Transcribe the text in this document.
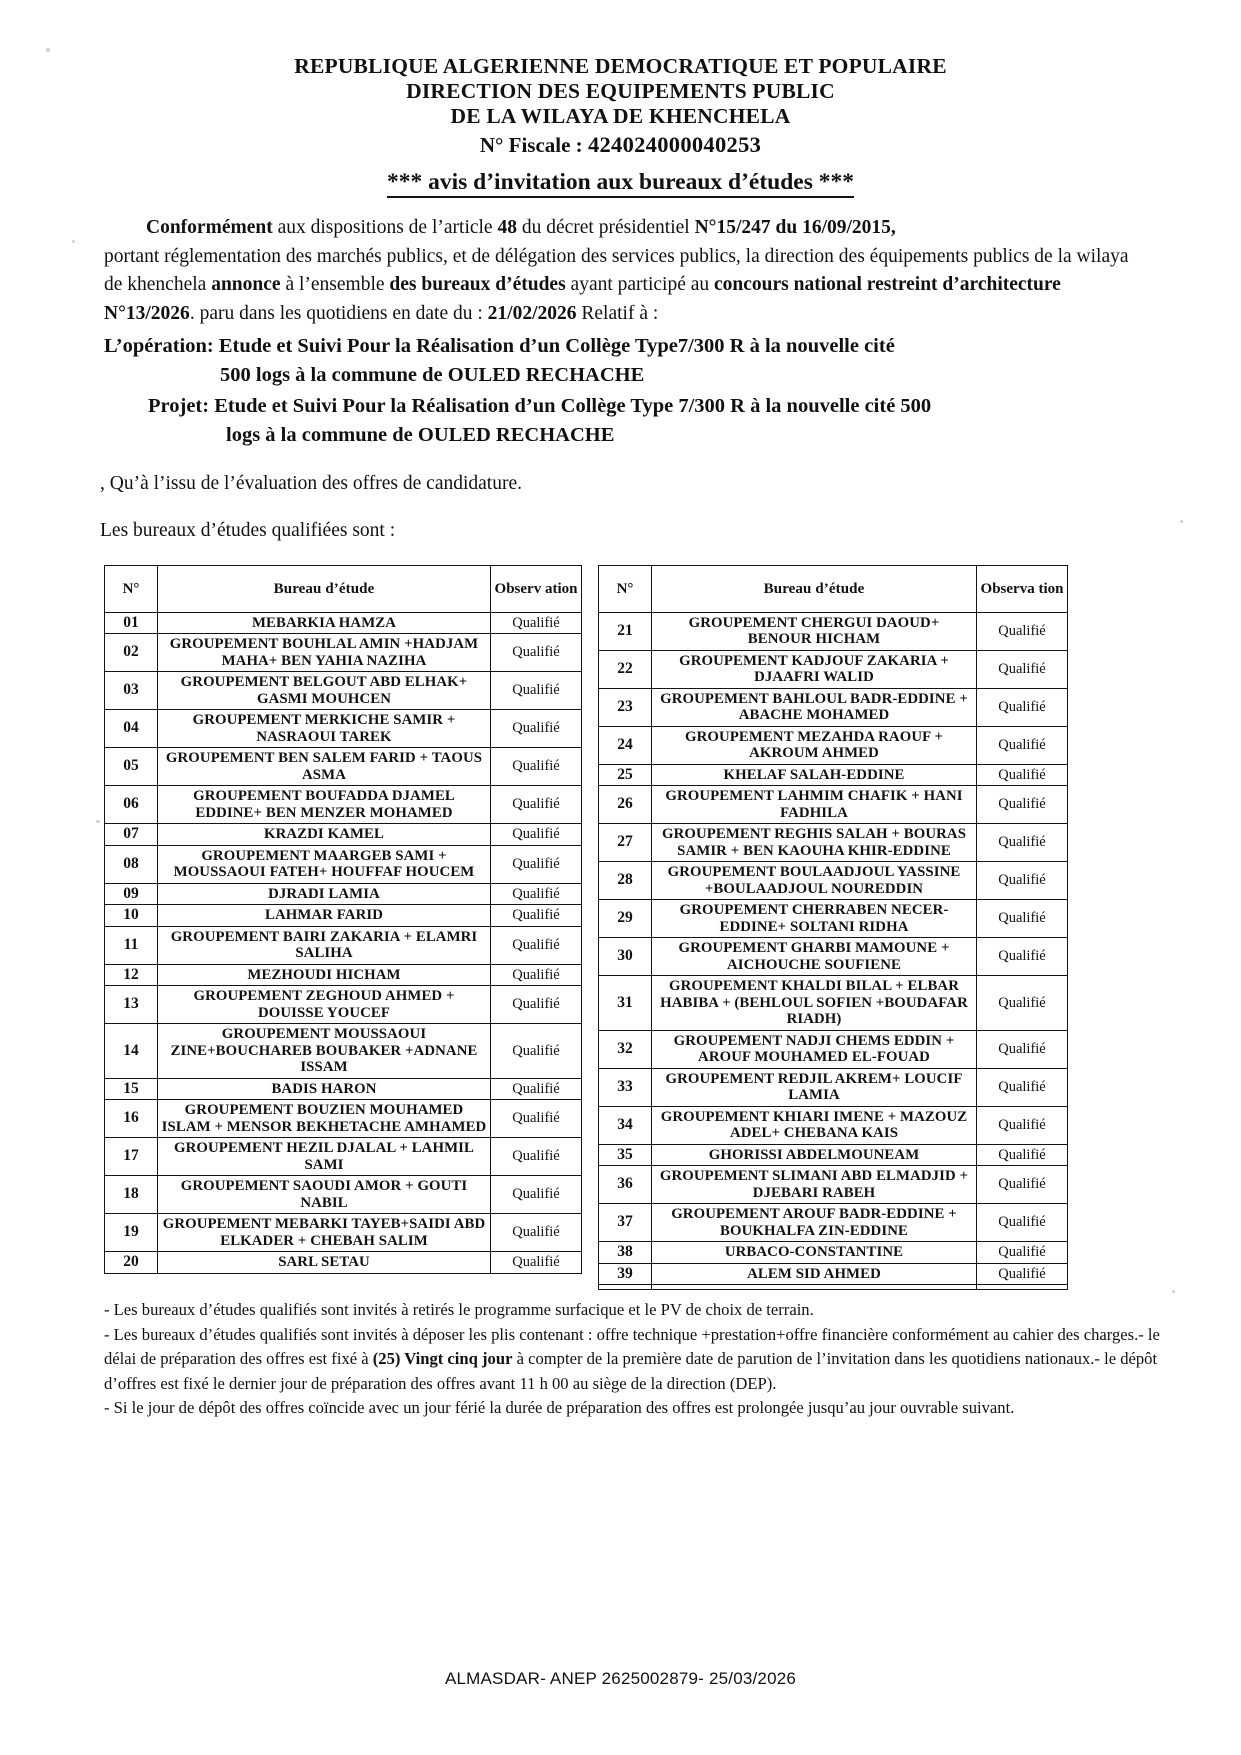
REPUBLIQUE ALGERIENNE DEMOCRATIQUE ET POPULAIRE
DIRECTION DES EQUIPEMENTS PUBLIC
DE LA WILAYA DE KHENCHELA
N° Fiscale : 424024000040253
*** avis d’invitation aux bureaux d’études ***

Conformément aux dispositions de l’article 48 du décret présidentiel N°15/247 du 16/09/2015,

portant réglementation des marchés publics, et de délégation des services publics, la direction des équipements publics de la wilaya de khenchela annonce à l’ensemble des bureaux d’études ayant participé au concours national restreint d’architecture N°13/2026. paru dans les quotidiens en date du : 21/02/2026 Relatif à :

L’opération: Etude et Suivi Pour la Réalisation d’un Collège Type7/300 R à la nouvelle cité
500 logs à la commune de OULED RECHACHE
Projet: Etude et Suivi Pour la Réalisation d’un Collège Type 7/300 R à la nouvelle cité 500
logs à la commune de OULED RECHACHE

, Qu’à l’issu de l’évaluation des offres de candidature.

Les bureaux d’études qualifiées sont :

N°	Bureau d’étude	Observ ation
01	MEBARKIA HAMZA	Qualifié
02	GROUPEMENT BOUHLAL AMIN +HADJAM MAHA+ BEN YAHIA NAZIHA	Qualifié
03	GROUPEMENT BELGOUT ABD ELHAK+ GASMI MOUHCEN	Qualifié
04	GROUPEMENT MERKICHE SAMIR + NASRAOUI TAREK	Qualifié
05	GROUPEMENT BEN SALEM FARID + TAOUS ASMA	Qualifié
06	GROUPEMENT BOUFADDA DJAMEL EDDINE+ BEN MENZER MOHAMED	Qualifié
07	KRAZDI KAMEL	Qualifié
08	GROUPEMENT MAARGEB SAMI + MOUSSAOUI FATEH+ HOUFFAF HOUCEM	Qualifié
09	DJRADI LAMIA	Qualifié
10	LAHMAR FARID	Qualifié
11	GROUPEMENT BAIRI ZAKARIA + ELAMRI SALIHA	Qualifié
12	MEZHOUDI HICHAM	Qualifié
13	GROUPEMENT ZEGHOUD AHMED + DOUISSE YOUCEF	Qualifié
14	GROUPEMENT MOUSSAOUI ZINE+BOUCHAREB BOUBAKER +ADNANE ISSAM	Qualifié
15	BADIS HARON	Qualifié
16	GROUPEMENT BOUZIEN MOUHAMED ISLAM + MENSOR BEKHETACHE AMHAMED	Qualifié
17	GROUPEMENT HEZIL DJALAL + LAHMIL SAMI	Qualifié
18	GROUPEMENT SAOUDI AMOR + GOUTI NABIL	Qualifié
19	GROUPEMENT MEBARKI TAYEB+SAIDI ABD ELKADER + CHEBAH SALIM	Qualifié
20	SARL SETAU	Qualifié
N°	Bureau d’étude	Observa tion
21	GROUPEMENT CHERGUI DAOUD+ BENOUR HICHAM	Qualifié
22	GROUPEMENT KADJOUF ZAKARIA + DJAAFRI WALID	Qualifié
23	GROUPEMENT BAHLOUL BADR-EDDINE + ABACHE MOHAMED	Qualifié
24	GROUPEMENT MEZAHDA RAOUF + AKROUM AHMED	Qualifié
25	KHELAF SALAH-EDDINE	Qualifié
26	GROUPEMENT LAHMIM CHAFIK + HANI FADHILA	Qualifié
27	GROUPEMENT REGHIS SALAH + BOURAS SAMIR + BEN KAOUHA KHIR-EDDINE	Qualifié
28	GROUPEMENT BOULAADJOUL YASSINE +BOULAADJOUL NOUREDDIN	Qualifié
29	GROUPEMENT CHERRABEN NECER-EDDINE+ SOLTANI RIDHA	Qualifié
30	GROUPEMENT GHARBI MAMOUNE + AICHOUCHE SOUFIENE	Qualifié
31	GROUPEMENT KHALDI BILAL + ELBAR HABIBA + (BEHLOUL SOFIEN +BOUDAFAR RIADH)	Qualifié
32	GROUPEMENT NADJI CHEMS EDDIN + AROUF MOUHAMED EL-FOUAD	Qualifié
33	GROUPEMENT REDJIL AKREM+ LOUCIF LAMIA	Qualifié
34	GROUPEMENT KHIARI IMENE + MAZOUZ ADEL+ CHEBANA KAIS	Qualifié
35	GHORISSI ABDELMOUNEAM	Qualifié
36	GROUPEMENT SLIMANI ABD ELMADJID + DJEBARI RABEH	Qualifié
37	GROUPEMENT AROUF BADR-EDDINE + BOUKHALFA ZIN-EDDINE	Qualifié
38	URBACO-CONSTANTINE	Qualifié
39	ALEM SID AHMED	Qualifié

- Les bureaux d’études qualifiés sont invités à retirés le programme surfacique et le PV de choix de terrain.

- Les bureaux d’études qualifiés sont invités à déposer les plis contenant : offre technique +prestation+offre financière conformément au cahier des charges.- le délai de préparation des offres est fixé à (25) Vingt cinq jour à compter de la première date de parution de l’invitation dans les quotidiens nationaux.- le dépôt d’offres est fixé le dernier jour de préparation des offres avant 11 h 00 au siège de la direction (DEP).

- Si le jour de dépôt des offres coïncide avec un jour férié la durée de préparation des offres est prolongée jusqu’au jour ouvrable suivant.

ALMASDAR- ANEP 2625002879- 25/03/2026
